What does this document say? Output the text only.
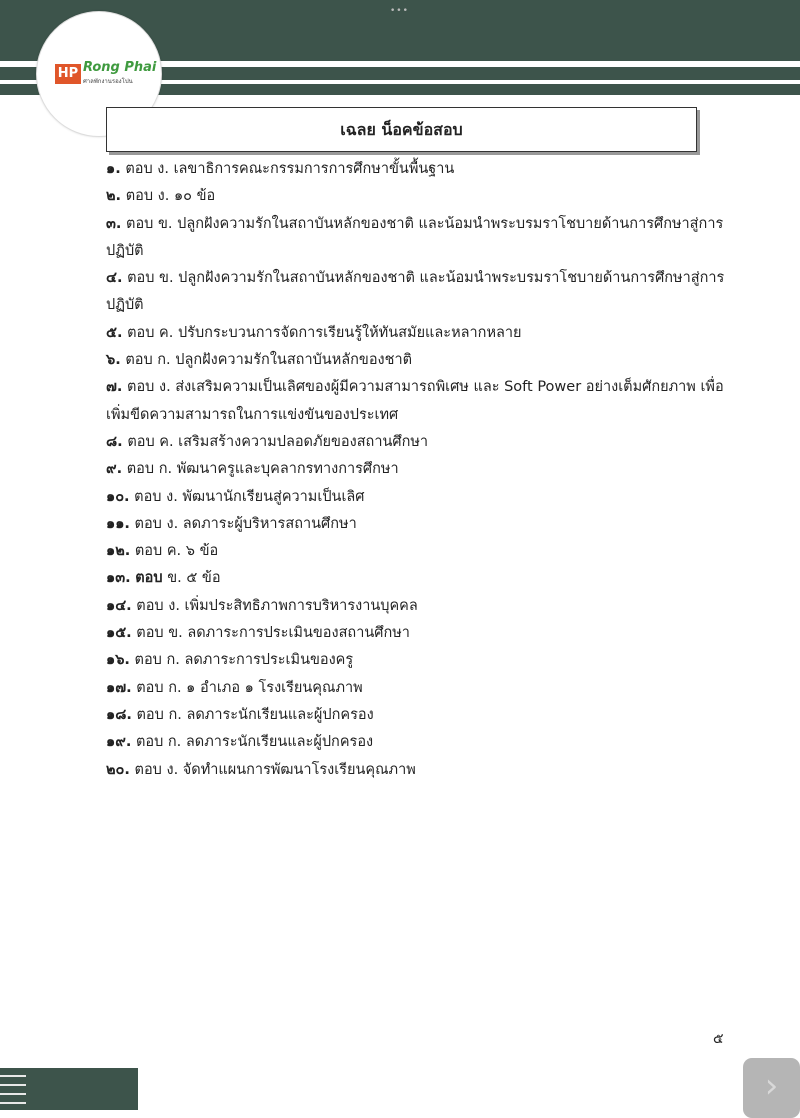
•••
HP Rong Phai
ศาลพักงานรองโปน
เฉลย น็อคข้อสอบ
๑. ตอบ ง. เลขาธิการคณะกรรมการการศึกษาขั้นพื้นฐาน
๒. ตอบ ง. ๑๐ ข้อ
๓. ตอบ ข. ปลูกฝังความรักในสถาบันหลักของชาติ และน้อมนำพระบรมราโชบายด้านการศึกษาสู่การปฏิบัติ
๔. ตอบ ข. ปลูกฝังความรักในสถาบันหลักของชาติ และน้อมนำพระบรมราโชบายด้านการศึกษาสู่การปฏิบัติ
๕. ตอบ ค. ปรับกระบวนการจัดการเรียนรู้ให้ทันสมัยและหลากหลาย
๖. ตอบ ก. ปลูกฝังความรักในสถาบันหลักของชาติ
๗. ตอบ ง. ส่งเสริมความเป็นเลิศของผู้มีความสามารถพิเศษ และ Soft Power อย่างเต็มศักยภาพ เพื่อเพิ่มขีดความสามารถในการแข่งขันของประเทศ
๘. ตอบ ค. เสริมสร้างความปลอดภัยของสถานศึกษา
๙. ตอบ ก. พัฒนาครูและบุคลากรทางการศึกษา
๑๐. ตอบ ง. พัฒนานักเรียนสู่ความเป็นเลิศ
๑๑. ตอบ ง. ลดภาระผู้บริหารสถานศึกษา
๑๒. ตอบ ค. ๖ ข้อ
๑๓. ตอบ ข. ๕ ข้อ
๑๔. ตอบ ง. เพิ่มประสิทธิภาพการบริหารงานบุคคล
๑๕. ตอบ ข. ลดภาระการประเมินของสถานศึกษา
๑๖. ตอบ ก. ลดภาระการประเมินของครู
๑๗. ตอบ ก. ๑ อำเภอ ๑ โรงเรียนคุณภาพ
๑๘. ตอบ ก. ลดภาระนักเรียนและผู้ปกครอง
๑๙. ตอบ ก. ลดภาระนักเรียนและผู้ปกครอง
๒๐. ตอบ ง. จัดทำแผนการพัฒนาโรงเรียนคุณภาพ
๕
›
